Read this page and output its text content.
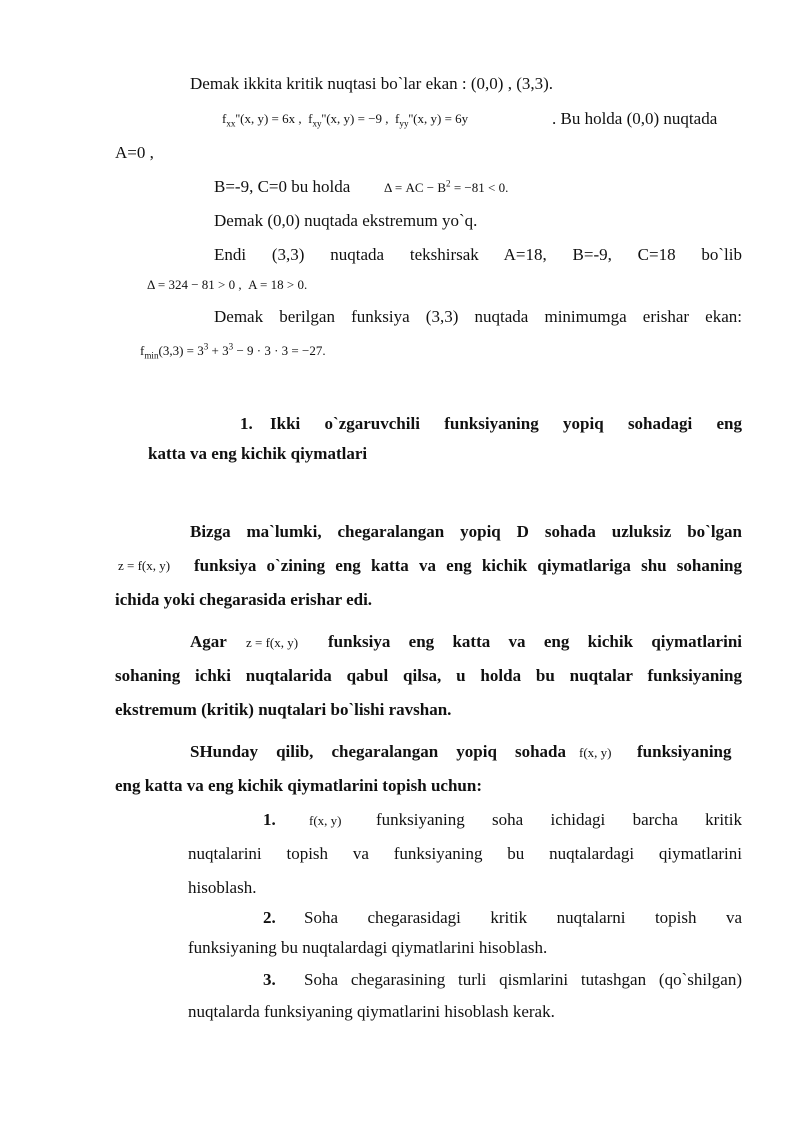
Demak ikkita kritik nuqtasi bo`lar ekan : (0,0) , (3,3).
$f_{xx}''(x$, y) = 6x ,  $f_{xy}''(x$, y) = −9 ,  $f_{yy}''(x$, y) = 6y	. Bu holda (0,0) nuqtada
A=0 ,
B=-9, C=0 bu holda	Δ = AC − $B^2 = -81 < 0$.
Demak (0,0) nuqtada ekstremum yo`q.
Endi (3,3) nuqtada tekshirsak A=18, B=-9, C=18 bo`lib
Δ = 324 − 81 > 0 ,  A = 18 > 0.
Demak berilgan funksiya (3,3) nuqtada minimumga erishar ekan:
$f_{min}(3,3) = 3^3 + 3^3 - 9 \cdot 3 \cdot 3 = -27$.
1. Ikki o`zgaruvchili funksiyaning yopiq sohadagi eng
katta va eng kichik qiymatlari
Bizga ma`lumki, chegaralangan yopiq D sohada uzluksiz bo`lgan
z = f(x, y) funksiya o`zining eng katta va eng kichik qiymatlariga shu sohaning
ichida yoki chegarasida erishar edi.
Agar z = f(x, y) funksiya eng katta va eng kichik qiymatlarini
sohaning ichki nuqtalarida qabul qilsa, u holda bu nuqtalar funksiyaning
ekstremum (kritik) nuqtalari bo`lishi ravshan.
SHunday qilib, chegaralangan yopiq sohada f(x, y) funksiyaning
eng katta va eng kichik qiymatlarini topish uchun:
1.	f(x, y) funksiyaning soha ichidagi barcha kritik
nuqtalarini topish va funksiyaning bu nuqtalardagi qiymatlarini
hisoblash.
2. Soha chegarasidagi kritik nuqtalarni topish va
funksiyaning bu nuqtalardagi qiymatlarini hisoblash.
3. Soha chegarasining turli qismlarini tutashgan (qo`shilgan)
nuqtalarda funksiyaning qiymatlarini hisoblash kerak.
